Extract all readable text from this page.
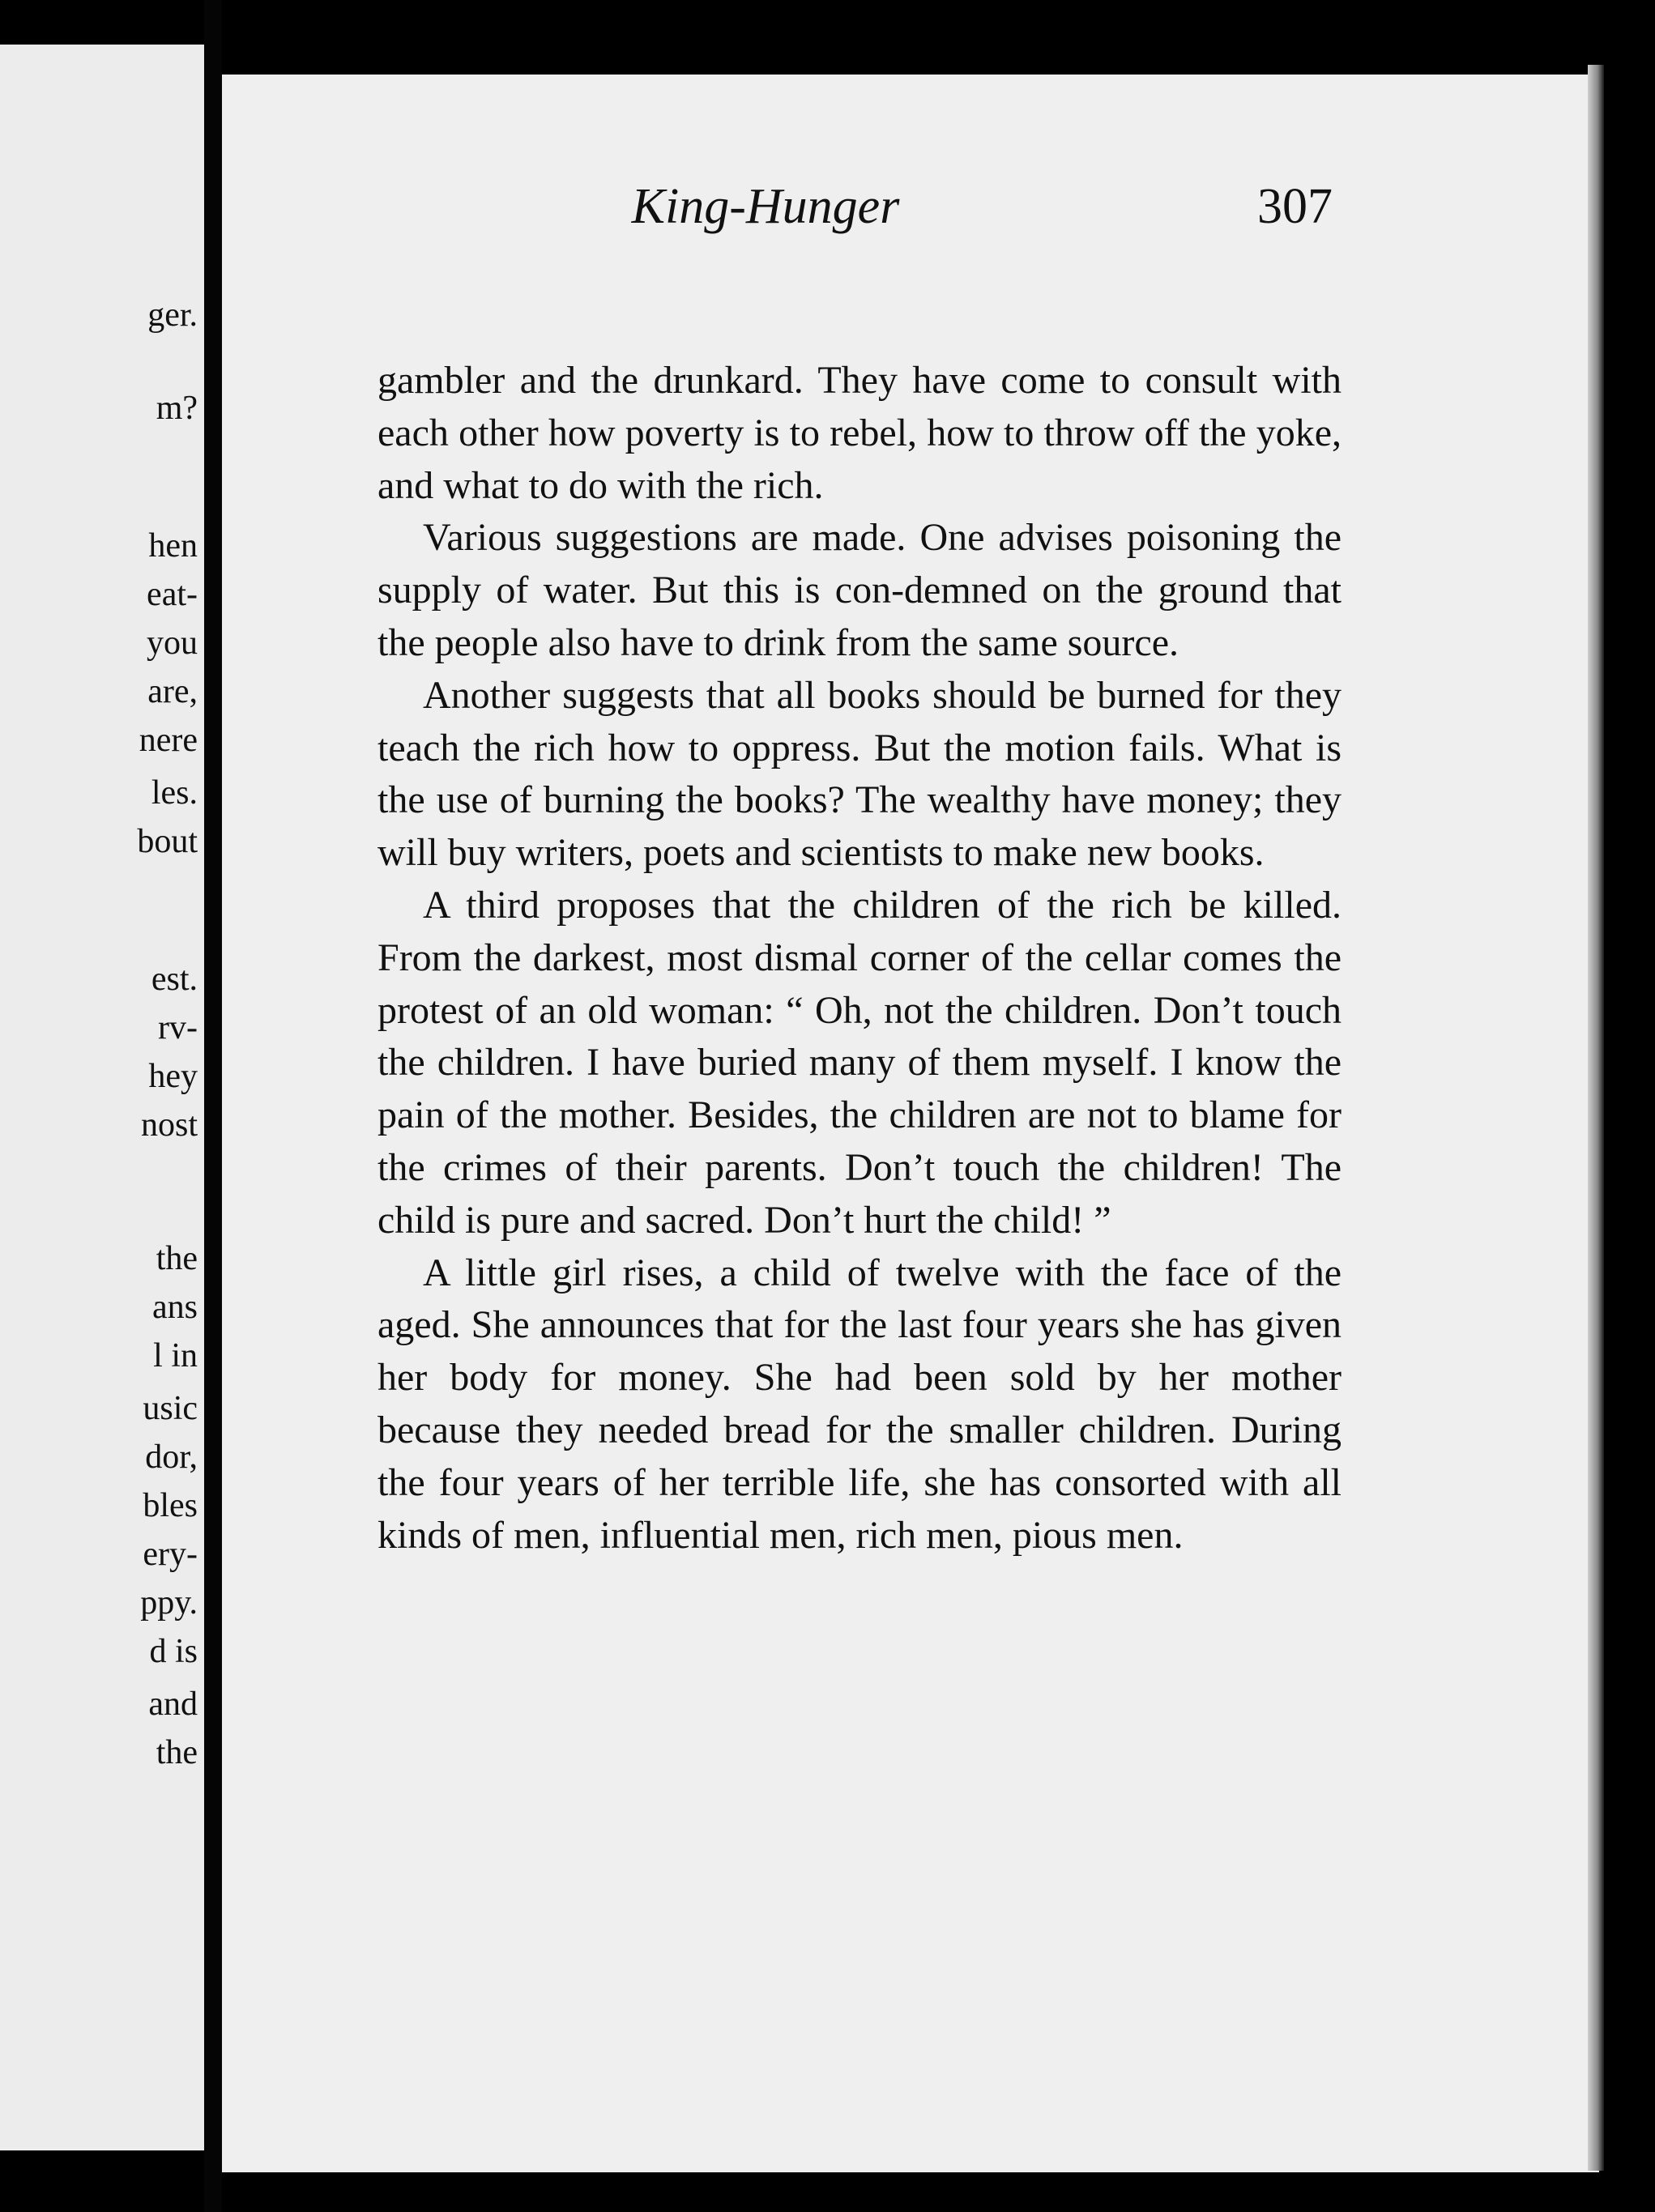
ger.
m?
hen
eat-
you
are,
nere
les.
bout
est.
rv-
hey
nost
the
ans
l in
usic
dor,
bles
ery-
ppy.
d is
and
the
King-Hunger	307

gambler and the drunkard. They have come to consult with each other how poverty is to rebel, how to throw off the yoke, and what to do with the rich.

Various suggestions are made. One advises poisoning the supply of water. But this is con-demned on the ground that the people also have to drink from the same source.

Another suggests that all books should be burned for they teach the rich how to oppress. But the motion fails. What is the use of burning the books? The wealthy have money; they will buy writers, poets and scientists to make new books.

A third proposes that the children of the rich be killed. From the darkest, most dismal corner of the cellar comes the protest of an old woman: “ Oh, not the children. Don’t touch the children. I have buried many of them myself. I know the pain of the mother. Besides, the children are not to blame for the crimes of their parents. Don’t touch the children! The child is pure and sacred. Don’t hurt the child! ”

A little girl rises, a child of twelve with the face of the aged. She announces that for the last four years she has given her body for money. She had been sold by her mother because they needed bread for the smaller children. During the four years of her terrible life, she has consorted with all kinds of men, influential men, rich men, pious men.
